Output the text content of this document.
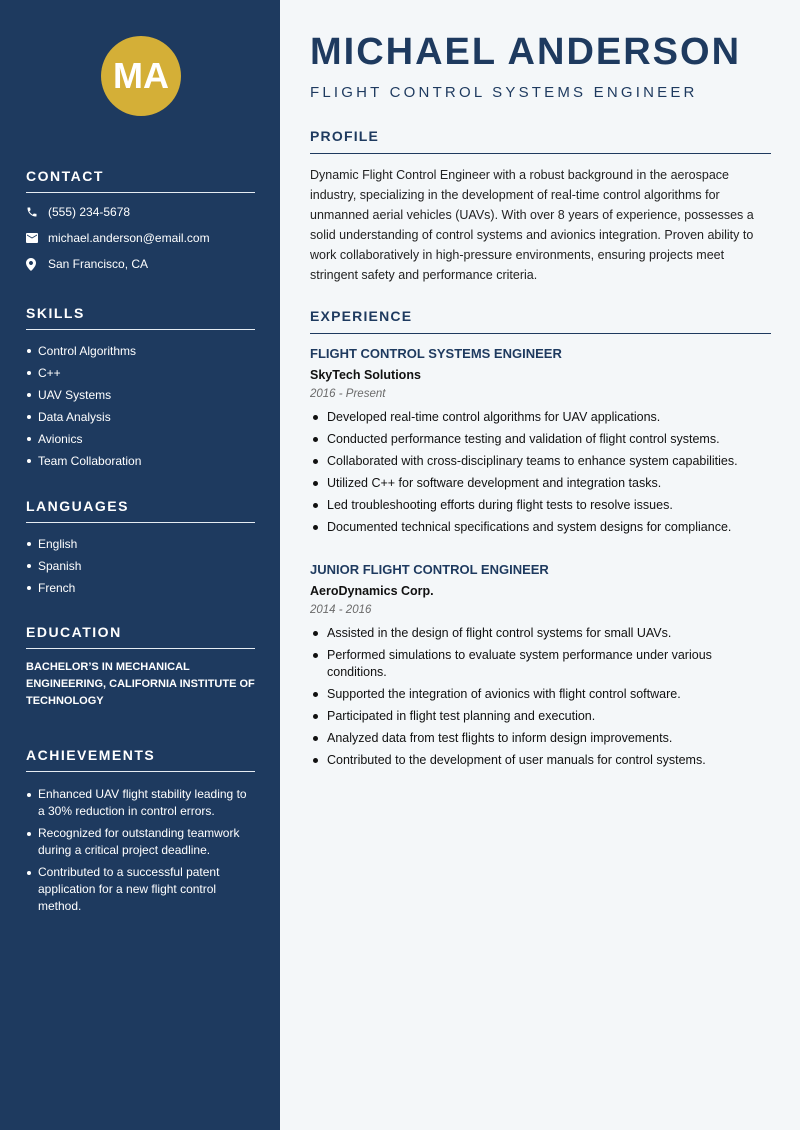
MA
CONTACT
(555) 234-5678
michael.anderson@email.com
San Francisco, CA
SKILLS
Control Algorithms
C++
UAV Systems
Data Analysis
Avionics
Team Collaboration
LANGUAGES
English
Spanish
French
EDUCATION
BACHELOR’S IN MECHANICAL ENGINEERING, CALIFORNIA INSTITUTE OF TECHNOLOGY
ACHIEVEMENTS
Enhanced UAV flight stability leading to a 30% reduction in control errors.
Recognized for outstanding teamwork during a critical project deadline.
Contributed to a successful patent application for a new flight control method.
MICHAEL ANDERSON
FLIGHT CONTROL SYSTEMS ENGINEER
PROFILE
Dynamic Flight Control Engineer with a robust background in the aerospace industry, specializing in the development of real-time control algorithms for unmanned aerial vehicles (UAVs). With over 8 years of experience, possesses a solid understanding of control systems and avionics integration. Proven ability to work collaboratively in high-pressure environments, ensuring projects meet stringent safety and performance criteria.
EXPERIENCE
FLIGHT CONTROL SYSTEMS ENGINEER
SkyTech Solutions
2016 - Present
Developed real-time control algorithms for UAV applications.
Conducted performance testing and validation of flight control systems.
Collaborated with cross-disciplinary teams to enhance system capabilities.
Utilized C++ for software development and integration tasks.
Led troubleshooting efforts during flight tests to resolve issues.
Documented technical specifications and system designs for compliance.
JUNIOR FLIGHT CONTROL ENGINEER
AeroDynamics Corp.
2014 - 2016
Assisted in the design of flight control systems for small UAVs.
Performed simulations to evaluate system performance under various conditions.
Supported the integration of avionics with flight control software.
Participated in flight test planning and execution.
Analyzed data from test flights to inform design improvements.
Contributed to the development of user manuals for control systems.
